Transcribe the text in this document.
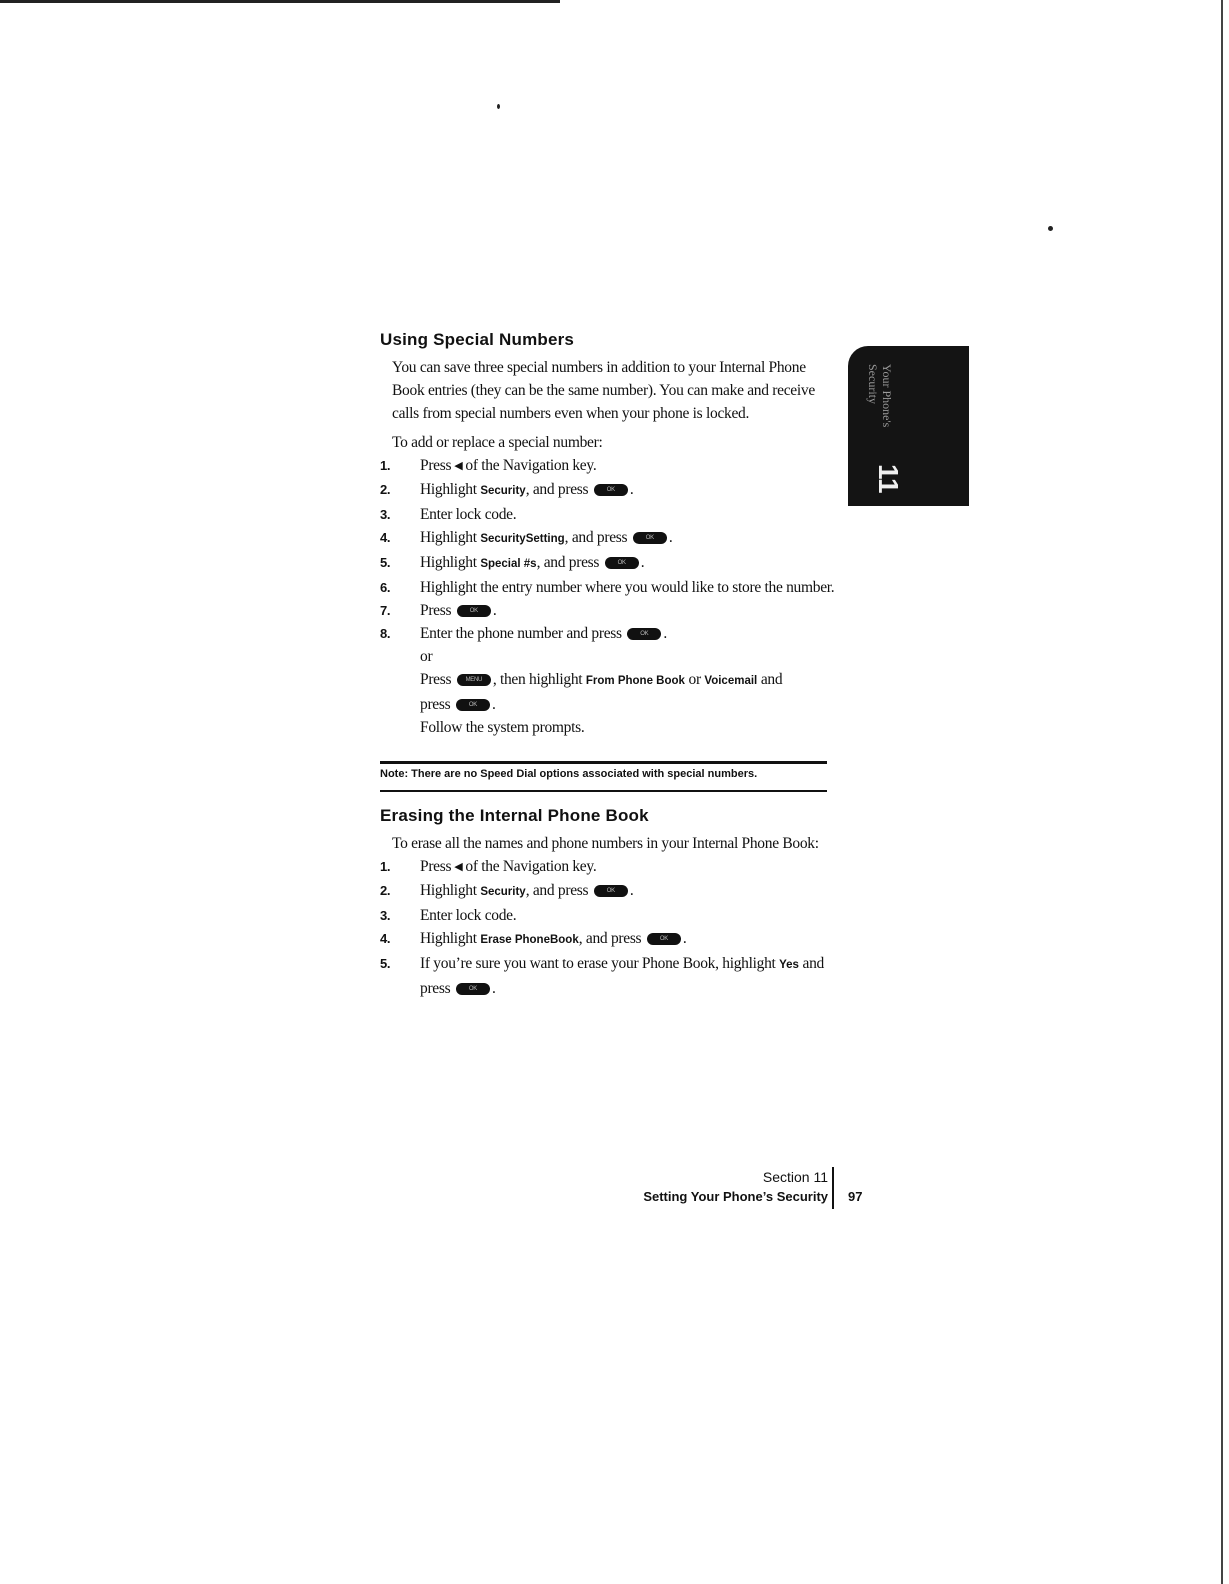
Your Phone's
Security
11
Using Special Numbers

You can save three special numbers in addition to your Internal Phone Book entries (they can be the same number). You can make and receive calls from special numbers even when your phone is locked.

To add or replace a special number:

1.	Press ◀ of the Navigation key.
2.	Highlight Security, and press	OK .
3.	Enter lock code.
4.	Highlight SecuritySetting, and press	OK .
5.	Highlight Special #s, and press	OK .
6.	Highlight the entry number where you would like to store the number.
7.	Press	OK .
8.	Enter the phone number and press	OK .
or
Press MENU , then highlight From Phone Book or Voicemail and
press	OK .
Follow the system prompts.
Note: There are no Speed Dial options associated with special numbers.
Erasing the Internal Phone Book

To erase all the names and phone numbers in your Internal Phone Book:

1.	Press ◀ of the Navigation key.
2.	Highlight Security, and press	OK .
3.	Enter lock code.
4.	Highlight Erase PhoneBook, and press	OK .
5.	If you’re sure you want to erase your Phone Book, highlight Yes and
press	OK .
Section 11
Setting Your Phone’s Security 97
